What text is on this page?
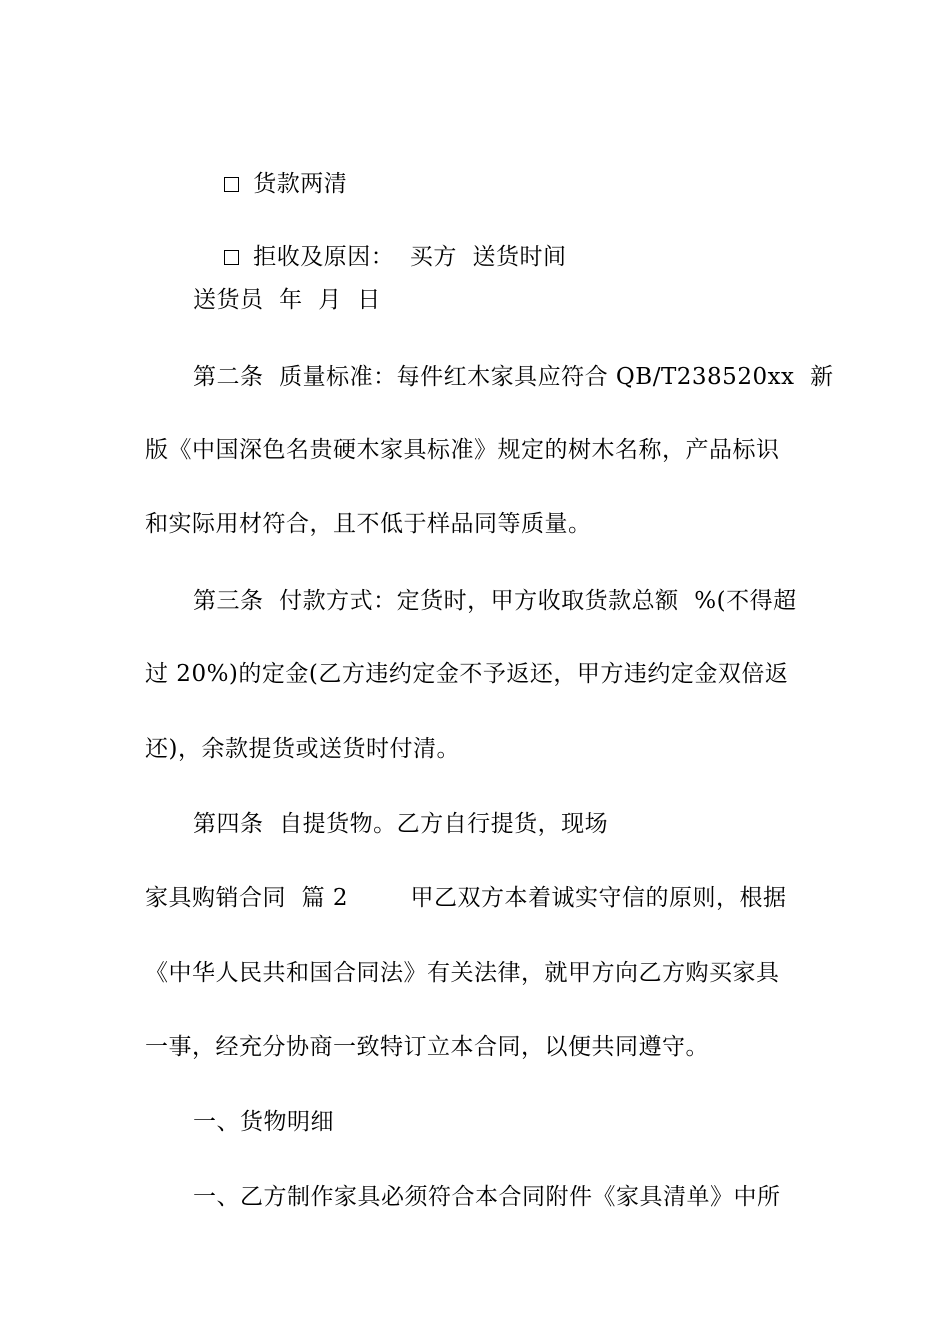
货款两清

拒收及原因：  买方  送货时间

送货员  年  月  日
第二条  质量标准：每件红木家具应符合 QB/T238520xx  新
版《中国深色名贵硬木家具标准》规定的树木名称，产品标识
和实际用材符合，且不低于样品同等质量。
第三条  付款方式：定货时，甲方收取货款总额  %(不得超
过 20%)的定金(乙方违约定金不予返还，甲方违约定金双倍返
还)，余款提货或送货时付清。
第四条  自提货物。乙方自行提货，现场
家具购销合同  篇 2        甲乙双方本着诚实守信的原则，根据
《中华人民共和国合同法》有关法律，就甲方向乙方购买家具
一事，经充分协商一致特订立本合同，以便共同遵守。
一、货物明细
一、乙方制作家具必须符合本合同附件《家具清单》中所
